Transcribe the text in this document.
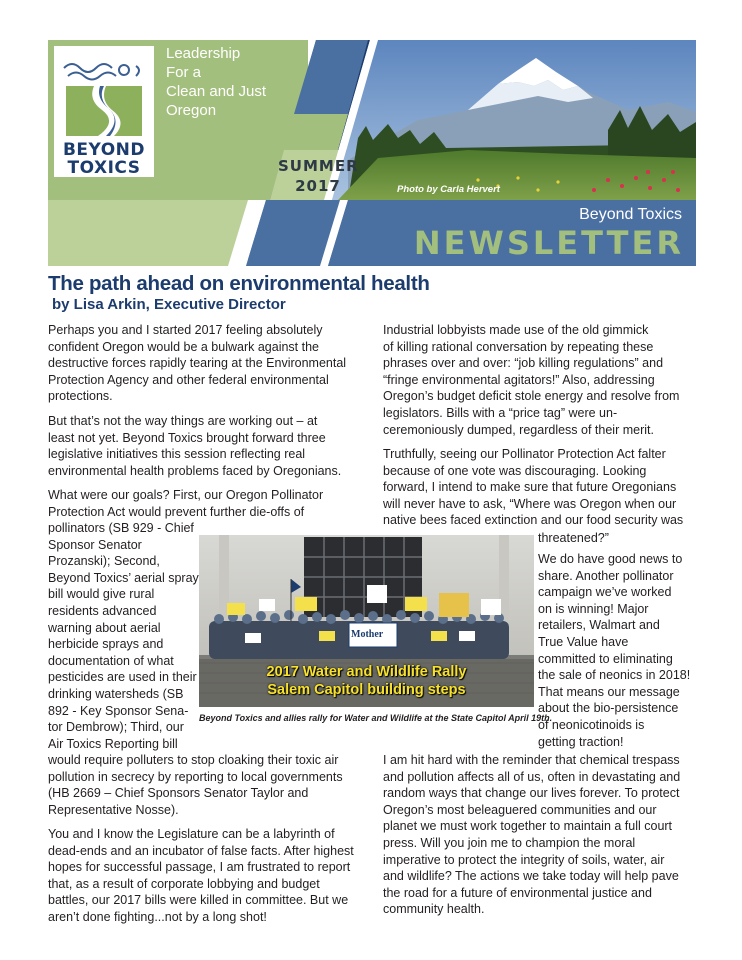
BEYOND
TOXICS
Leadership
For a
Clean and Just
Oregon
SUMMER
2017	Photo by Carla Hervert
Beyond Toxics
NEWSLETTER
The path ahead on environmental health
by Lisa Arkin, Executive Director
Perhaps you and I started 2017 feeling absolutely
confident Oregon would be a bulwark against the
destructive forces rapidly tearing at the Environmental
Protection Agency and other federal environmental
protections.
But that’s not the way things are working out – at
least not yet. Beyond Toxics brought forward three
legislative initiatives this session reflecting real
environmental health problems faced by Oregonians.
What were our goals? First, our Oregon Pollinator
Protection Act would prevent further die-offs of
pollinators (SB 929 - Chief
Sponsor Senator
Prozanski); Second,
Beyond Toxics’ aerial spray
bill would give rural
residents advanced
warning about aerial
herbicide sprays and
documentation of what
pesticides are used in their
drinking watersheds (SB
892 - Key Sponsor Sena-
tor Dembrow); Third, our
Air Toxics Reporting bill
would require polluters to stop cloaking their toxic air
pollution in secrecy by reporting to local governments
(HB 2669 – Chief Sponsors Senator Taylor and
Representative Nosse).
You and I know the Legislature can be a labyrinth of
dead-ends and an incubator of false facts. After highest
hopes for successful passage, I am frustrated to report
that, as a result of corporate lobbying and budget
battles, our 2017 bills were killed in committee. But we
aren’t done fighting...not by a long shot!
Industrial lobbyists made use of the old gimmick
of killing rational conversation by repeating these
phrases over and over: “job killing regulations” and
“fringe environmental agitators!” Also, addressing
Oregon’s budget deficit stole energy and resolve from
legislators. Bills with a “price tag” were un-
ceremoniously dumped, regardless of their merit.
Truthfully, seeing our Pollinator Protection Act falter
because of one vote was discouraging. Looking
forward, I intend to make sure that future Oregonians
will never have to ask, “Where was Oregon when our
native bees faced extinction and our food security was
threatened?”
We do have good news to
share. Another pollinator
campaign we’ve worked
on is winning! Major
retailers, Walmart and
True Value have
committed to eliminating
the sale of neonics in 2018!
That means our message
about the bio-persistence
of neonicotinoids is
getting traction!
I am hit hard with the reminder that chemical trespass
and pollution affects all of us, often in devastating and
random ways that change our lives forever. To protect
Oregon’s most beleaguered communities and our
planet we must work together to maintain a full court
press. Will you join me to champion the moral
imperative to protect the integrity of soils, water, air
and wildlife? The actions we take today will help pave
the road for a future of environmental justice and
community health.
Mother
2017 Water and Wildlife Rally
Salem Capitol building steps
Beyond Toxics and allies rally for Water and Wildlife at the State Capitol April 19th.
